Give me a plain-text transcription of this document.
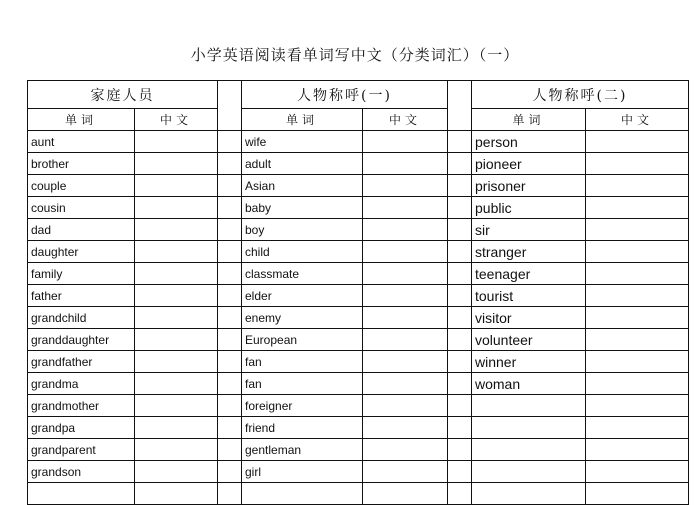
小学英语阅读看单词写中文（分类词汇）（一）
家庭人员			人物称呼(一)			人物称呼(二)	
单词	中文		单词	中文		单词	中文
aunt			wife			person	
brother			adult			pioneer	
couple			Asian			prisoner	
cousin			baby			public	
dad			boy			sir	
daughter			child			stranger	
family			classmate			teenager	
father			elder			tourist	
grandchild			enemy			visitor	
granddaughter			European			volunteer	
grandfather			fan			winner	
grandma			fan			woman	
grandmother			foreigner				
grandpa			friend				
grandparent			gentleman				
grandson			girl				
